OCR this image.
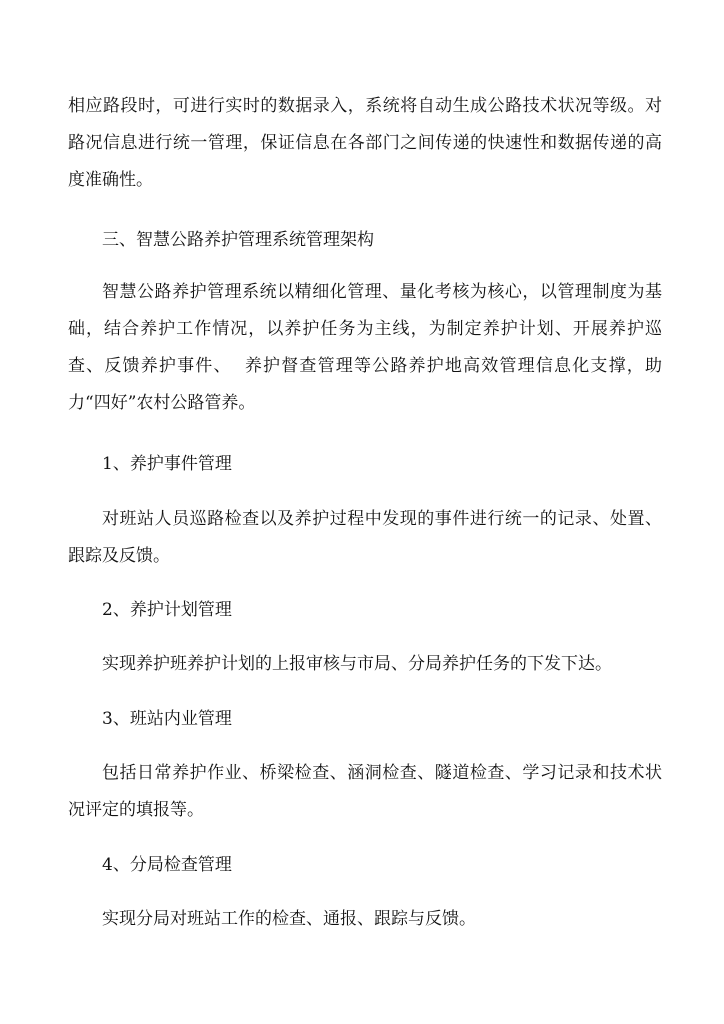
相应路段时，可进行实时的数据录入，系统将自动生成公路技术状况等级。对路况信息进行统一管理，保证信息在各部门之间传递的快速性和数据传递的高度准确性。

三、智慧公路养护管理系统管理架构

智慧公路养护管理系统以精细化管理、量化考核为核心，以管理制度为基础，结合养护工作情况，以养护任务为主线，为制定养护计划、开展养护巡查、反馈养护事件、  养护督查管理等公路养护地高效管理信息化支撑，助力“四好”农村公路管养。

1、养护事件管理

对班站人员巡路检查以及养护过程中发现的事件进行统一的记录、处置、跟踪及反馈。

2、养护计划管理

实现养护班养护计划的上报审核与市局、分局养护任务的下发下达。

3、班站内业管理

包括日常养护作业、桥梁检查、涵洞检查、隧道检查、学习记录和技术状况评定的填报等。

4、分局检查管理

实现分局对班站工作的检查、通报、跟踪与反馈。
